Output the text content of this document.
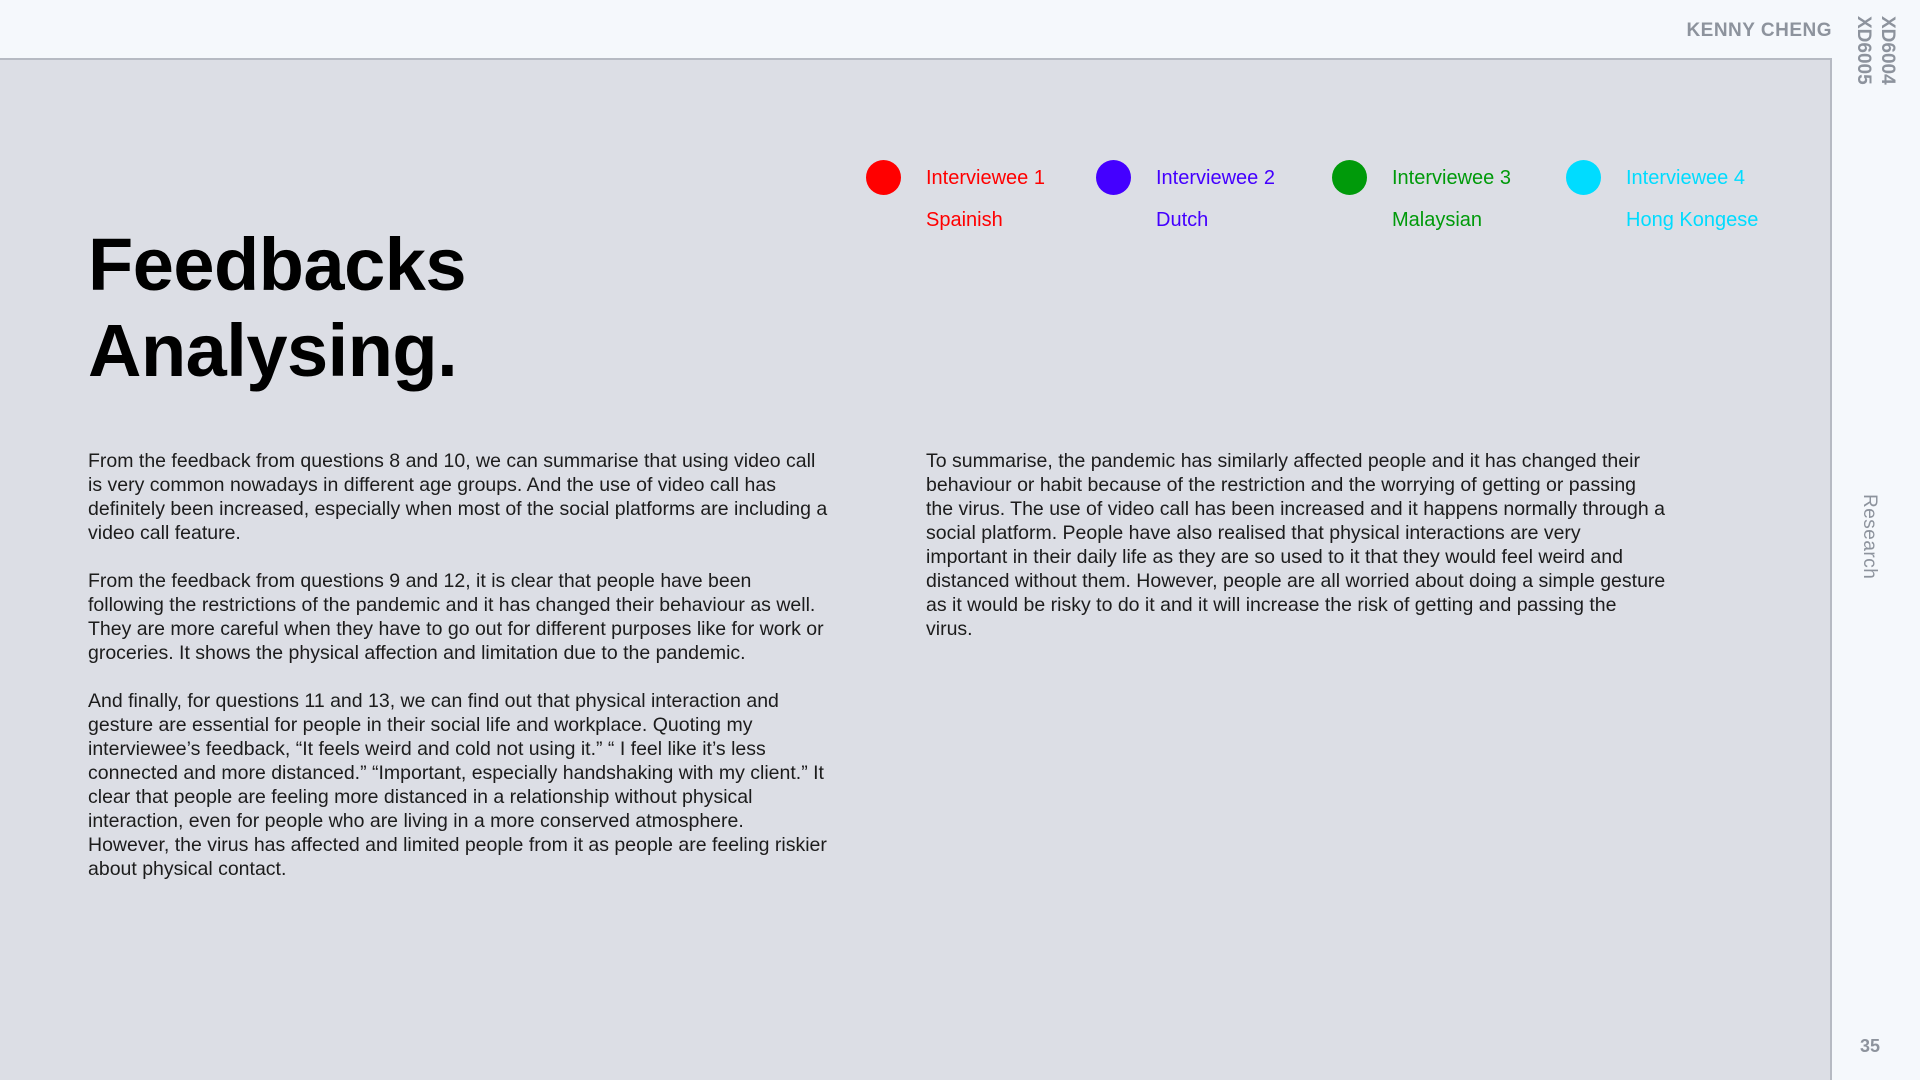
KENNY CHENG	XD6004
XD6005
Research
35
Feedbacks
Analysing.
Interviewee 1
Spainish
Interviewee 2
Dutch
Interviewee 3
Malaysian
Interviewee 4
Hong Kongese

From the feedback from questions 8 and 10, we can summarise that using video call is very common nowadays in different age groups. And the use of video call has definitely been increased, especially when most of the social platforms are including a video call feature.

From the feedback from questions 9 and 12, it is clear that people have been following the restrictions of the pandemic and it has changed their behaviour as well. They are more careful when they have to go out for different purposes like for work or groceries. It shows the physical affection and limitation due to the pandemic.

And finally, for questions 11 and 13, we can find out that physical interaction and gesture are essential for people in their social life and workplace. Quoting my interviewee’s feedback, “It feels weird and cold not using it.” “ I feel like it’s less connected and more distanced.” “Important, especially handshaking with my client.” It clear that people are feeling more distanced in a relationship without physical interaction, even for people who are living in a more conserved atmosphere. However, the virus has affected and limited people from it as people are feeling riskier about physical contact.

To summarise, the pandemic has similarly affected people and it has changed their behaviour or habit because of the restriction and the worrying of getting or passing the virus. The use of video call has been increased and it happens normally through a social platform. People have also realised that physical interactions are very important in their daily life as they are so used to it that they would feel weird and distanced without them. However, people are all worried about doing a simple gesture as it would be risky to do it and it will increase the risk of getting and passing the virus.
